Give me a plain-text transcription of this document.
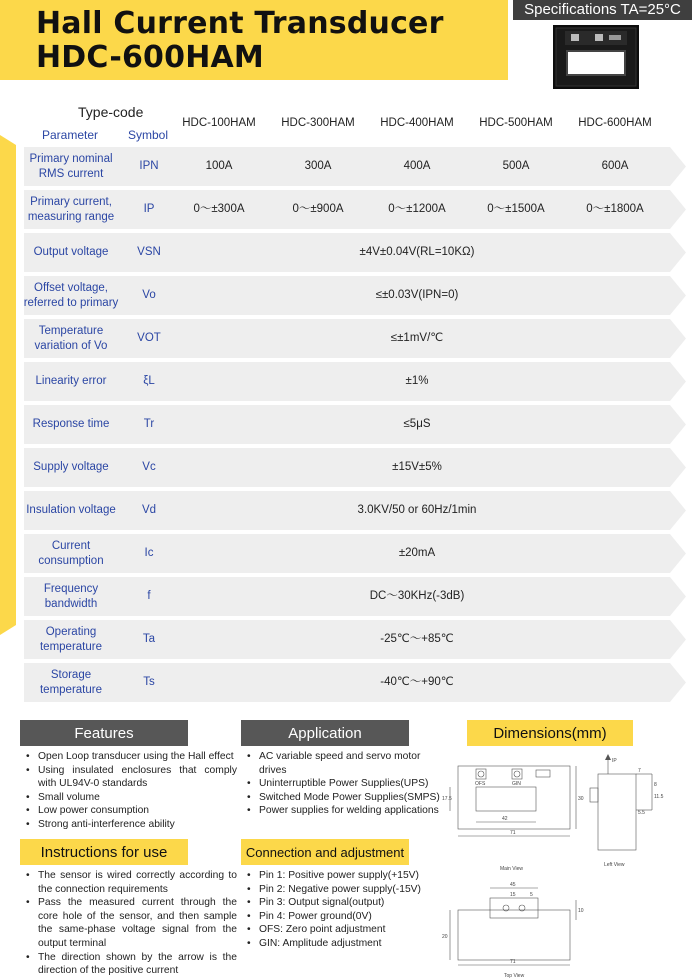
Hall Current Transducer
HDC-600HAM
Specifications TA=25°C
Type-code
Parameter Symbol
HDC-100HAM	HDC-300HAM	HDC-400HAM	HDC-500HAM	HDC-600HAM
Primary nominal
RMS current
IPN	100A	300A	400A	500A	600A
Primary current,
measuring range
IP	0～±300A	0～±900A	0～±1200A	0～±1500A	0～±1800A
Output voltage	VSN	±4V±0.04V(RL=10KΩ)
Offset voltage,
referred to primary
Vo	≤±0.03V(IPN=0)
Temperature
variation of Vo
VOT	≤±1mV/℃
Linearity error	ξL	±1%
Response time	Tr	≤5μS
Supply voltage	Vc	±15V±5%
Insulation voltage	Vd	3.0KV/50 or 60Hz/1min
Current
consumption
Ic	±20mA
Frequency
bandwidth
f	DC～30KHz(-3dB)
Operating
temperature
Ta	-25℃～+85℃
Storage
temperature
Ts	-40℃～+90℃
Features
• Open Loop transducer using the Hall effect
• Using insulated enclosures that comply with UL94V-0 standards
• Small volume
• Low power consumption
• Strong anti-interference ability
Application
• AC variable speed and servo motor drives
• Uninterruptible Power Supplies(UPS)
• Switched Mode Power Supplies(SMPS)
• Power supplies for welding applications
Instructions for use
• The sensor is wired correctly according to the connection requirements
• Pass the measured current through the core hole of the sensor, and then sample the same-phase voltage signal from the output terminal
• The direction shown by the arrow is the direction of the positive current
Connection and adjustment
• Pin 1: Positive power supply(+15V)
• Pin 2: Negative power supply(-15V)
• Pin 3: Output signal(output)
• Pin 4: Power ground(0V)
• OFS: Zero point adjustment
• GIN: Amplitude adjustment
Dimensions(mm)
OFS	GIN
42
71
17.5	30
Main View
IP
8
11.5
7
5.5
Left View
45
15	5
10
20
71
Top View
